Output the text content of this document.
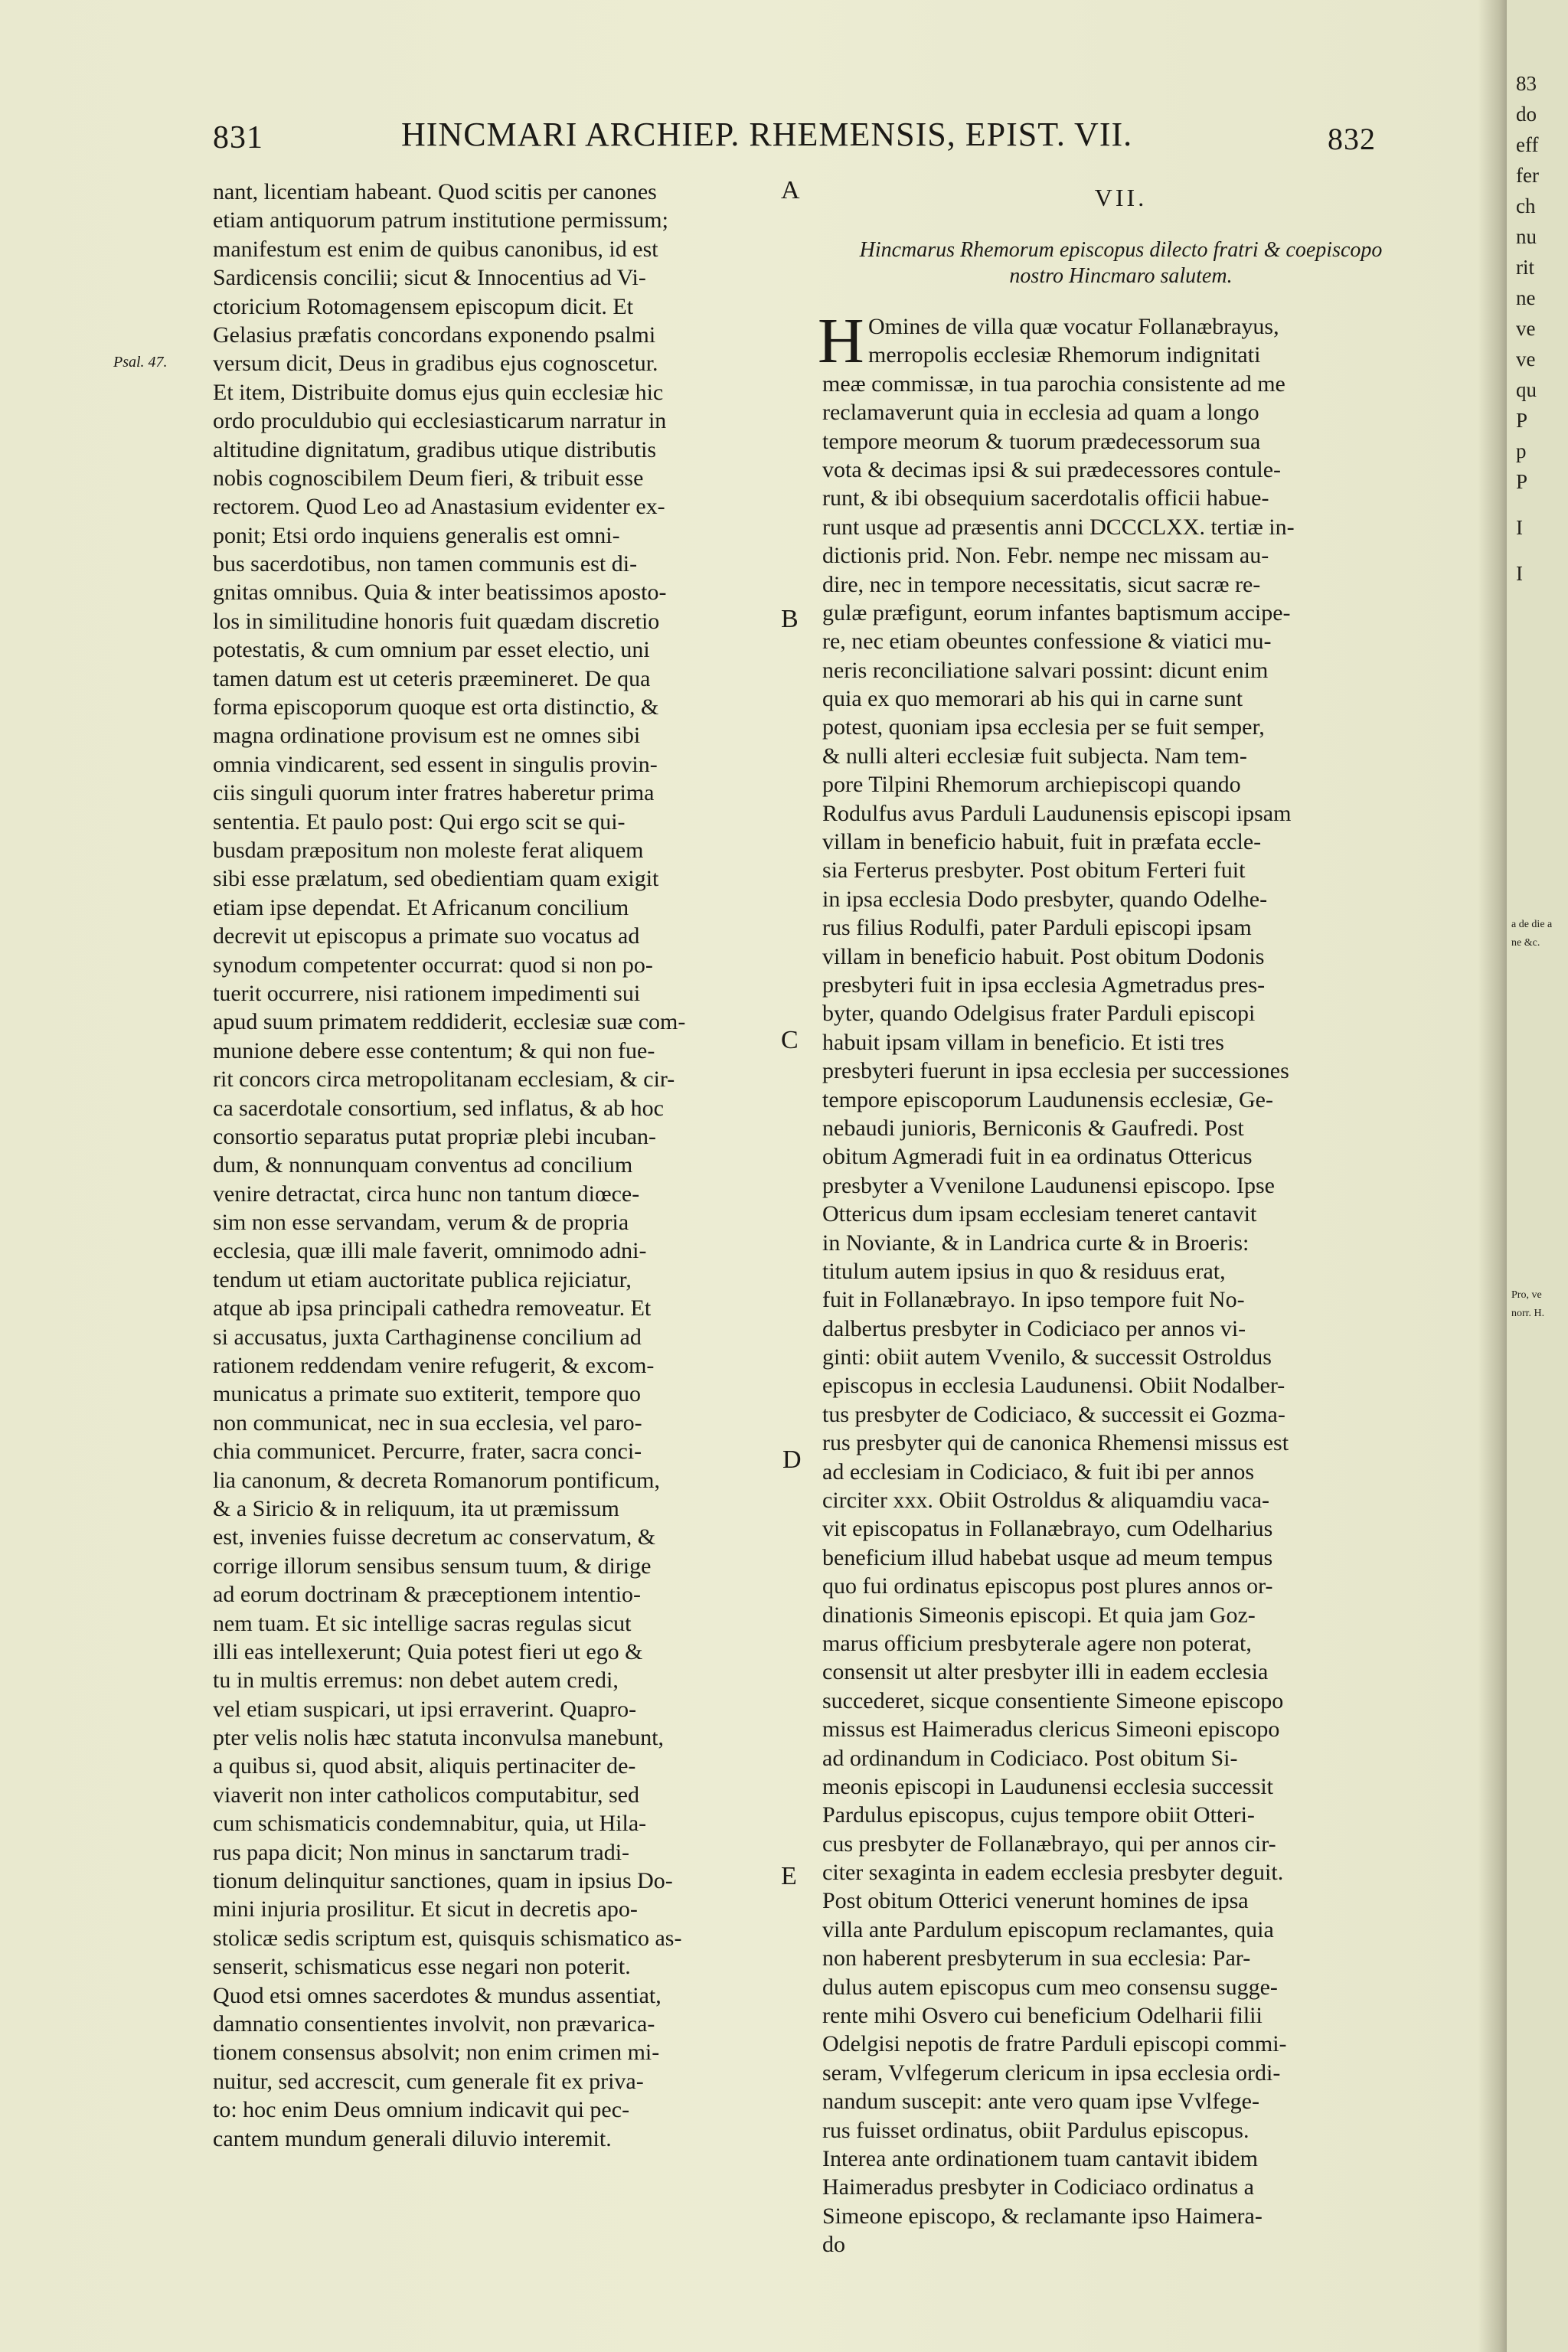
831	HINCMARI ARCHIEP. RHEMENSIS, EPIST. VII.	832
Psal. 47.
A
B
C
D
E
nant, licentiam habeant. Quod scitis per canones
etiam antiquorum patrum institutione permissum;
manifestum est enim de quibus canonibus, id est
Sardicensis concilii; sicut & Innocentius ad Vi-
ctoricium Rotomagensem episcopum dicit. Et
Gelasius præfatis concordans exponendo psalmi
versum dicit, Deus in gradibus ejus cognoscetur.
Et item, Distribuite domus ejus quin ecclesiæ hic
ordo proculdubio qui ecclesiasticarum narratur in
altitudine dignitatum, gradibus utique distributis
nobis cognoscibilem Deum fieri, & tribuit esse
rectorem. Quod Leo ad Anastasium evidenter ex-
ponit; Etsi ordo inquiens generalis est omni-
bus sacerdotibus, non tamen communis est di-
gnitas omnibus. Quia & inter beatissimos aposto-
los in similitudine honoris fuit quædam discretio
potestatis, & cum omnium par esset electio, uni
tamen datum est ut ceteris præemineret. De qua
forma episcoporum quoque est orta distinctio, &
magna ordinatione provisum est ne omnes sibi
omnia vindicarent, sed essent in singulis provin-
ciis singuli quorum inter fratres haberetur prima
sententia. Et paulo post: Qui ergo scit se qui-
busdam præpositum non moleste ferat aliquem
sibi esse prælatum, sed obedientiam quam exigit
etiam ipse dependat. Et Africanum concilium
decrevit ut episcopus a primate suo vocatus ad
synodum competenter occurrat: quod si non po-
tuerit occurrere, nisi rationem impedimenti sui
apud suum primatem reddiderit, ecclesiæ suæ com-
munione debere esse contentum; & qui non fue-
rit concors circa metropolitanam ecclesiam, & cir-
ca sacerdotale consortium, sed inflatus, & ab hoc
consortio separatus putat propriæ plebi incuban-
dum, & nonnunquam conventus ad concilium
venire detractat, circa hunc non tantum diœce-
sim non esse servandam, verum & de propria
ecclesia, quæ illi male faverit, omnimodo adni-
tendum ut etiam auctoritate publica rejiciatur,
atque ab ipsa principali cathedra removeatur. Et
si accusatus, juxta Carthaginense concilium ad
rationem reddendam venire refugerit, & excom-
municatus a primate suo extiterit, tempore quo
non communicat, nec in sua ecclesia, vel paro-
chia communicet. Percurre, frater, sacra conci-
lia canonum, & decreta Romanorum pontificum,
& a Siricio & in reliquum, ita ut præmissum
est, invenies fuisse decretum ac conservatum, &
corrige illorum sensibus sensum tuum, & dirige
ad eorum doctrinam & præceptionem intentio-
nem tuam. Et sic intellige sacras regulas sicut
illi eas intellexerunt; Quia potest fieri ut ego &
tu in multis erremus: non debet autem credi,
vel etiam suspicari, ut ipsi erraverint. Quapro-
pter velis nolis hæc statuta inconvulsa manebunt,
a quibus si, quod absit, aliquis pertinaciter de-
viaverit non inter catholicos computabitur, sed
cum schismaticis condemnabitur, quia, ut Hila-
rus papa dicit; Non minus in sanctarum tradi-
tionum delinquitur sanctiones, quam in ipsius Do-
mini injuria prosilitur. Et sicut in decretis apo-
stolicæ sedis scriptum est, quisquis schismatico as-
senserit, schismaticus esse negari non poterit.
Quod etsi omnes sacerdotes & mundus assentiat,
damnatio consentientes involvit, non prævarica-
tionem consensus absolvit; non enim crimen mi-
nuitur, sed accrescit, cum generale fit ex priva-
to: hoc enim Deus omnium indicavit qui pec-
cantem mundum generali diluvio interemit.
VII.
Hincmarus Rhemorum episcopus dilecto fratri & coepiscopo nostro Hincmaro salutem.
H Omines de villa quæ vocatur Follanæbrayus,
merropolis ecclesiæ Rhemorum indignitati
meæ commissæ, in tua parochia consistente ad me
reclamaverunt quia in ecclesia ad quam a longo
tempore meorum & tuorum prædecessorum sua
vota & decimas ipsi & sui prædecessores contule-
runt, & ibi obsequium sacerdotalis officii habue-
runt usque ad præsentis anni DCCCLXX. tertiæ in-
dictionis prid. Non. Febr. nempe nec missam au-
dire, nec in tempore necessitatis, sicut sacræ re-
gulæ præfigunt, eorum infantes baptismum accipe-
re, nec etiam obeuntes confessione & viatici mu-
neris reconciliatione salvari possint: dicunt enim
quia ex quo memorari ab his qui in carne sunt
potest, quoniam ipsa ecclesia per se fuit semper,
& nulli alteri ecclesiæ fuit subjecta. Nam tem-
pore Tilpini Rhemorum archiepiscopi quando
Rodulfus avus Parduli Laudunensis episcopi ipsam
villam in beneficio habuit, fuit in præfata eccle-
sia Ferterus presbyter. Post obitum Ferteri fuit
in ipsa ecclesia Dodo presbyter, quando Odelhe-
rus filius Rodulfi, pater Parduli episcopi ipsam
villam in beneficio habuit. Post obitum Dodonis
presbyteri fuit in ipsa ecclesia Agmetradus pres-
byter, quando Odelgisus frater Parduli episcopi
habuit ipsam villam in beneficio. Et isti tres
presbyteri fuerunt in ipsa ecclesia per successiones
tempore episcoporum Laudunensis ecclesiæ, Ge-
nebaudi junioris, Berniconis & Gaufredi. Post
obitum Agmeradi fuit in ea ordinatus Ottericus
presbyter a Vvenilone Laudunensi episcopo. Ipse
Ottericus dum ipsam ecclesiam teneret cantavit
in Noviante, & in Landrica curte & in Broeris:
titulum autem ipsius in quo & residuus erat,
fuit in Follanæbrayo. In ipso tempore fuit No-
dalbertus presbyter in Codiciaco per annos vi-
ginti: obiit autem Vvenilo, & successit Ostroldus
episcopus in ecclesia Laudunensi. Obiit Nodalber-
tus presbyter de Codiciaco, & successit ei Gozma-
rus presbyter qui de canonica Rhemensi missus est
ad ecclesiam in Codiciaco, & fuit ibi per annos
circiter xxx. Obiit Ostroldus & aliquamdiu vaca-
vit episcopatus in Follanæbrayo, cum Odelharius
beneficium illud habebat usque ad meum tempus
quo fui ordinatus episcopus post plures annos or-
dinationis Simeonis episcopi. Et quia jam Goz-
marus officium presbyterale agere non poterat,
consensit ut alter presbyter illi in eadem ecclesia
succederet, sicque consentiente Simeone episcopo
missus est Haimeradus clericus Simeoni episcopo
ad ordinandum in Codiciaco. Post obitum Si-
meonis episcopi in Laudunensi ecclesia successit
Pardulus episcopus, cujus tempore obiit Otteri-
cus presbyter de Follanæbrayo, qui per annos cir-
citer sexaginta in eadem ecclesia presbyter deguit.
Post obitum Otterici venerunt homines de ipsa
villa ante Pardulum episcopum reclamantes, quia
non haberent presbyterum in sua ecclesia: Par-
dulus autem episcopus cum meo consensu sugge-
rente mihi Osvero cui beneficium Odelharii filii
Odelgisi nepotis de fratre Parduli episcopi commi-
seram, Vvlfegerum clericum in ipsa ecclesia ordi-
nandum suscepit: ante vero quam ipse Vvlfege-
rus fuisset ordinatus, obiit Pardulus episcopus.
Interea ante ordinationem tuam cantavit ibidem
Haimeradus presbyter in Codiciaco ordinatus a
Simeone episcopo, & reclamante ipso Haimera-
do
83
do
eff
fer
ch
nu
rit
ne
ve
ve
qu
P
p
P
I
I
a de die a
ne &c.
Pro, ve
norr. H.
